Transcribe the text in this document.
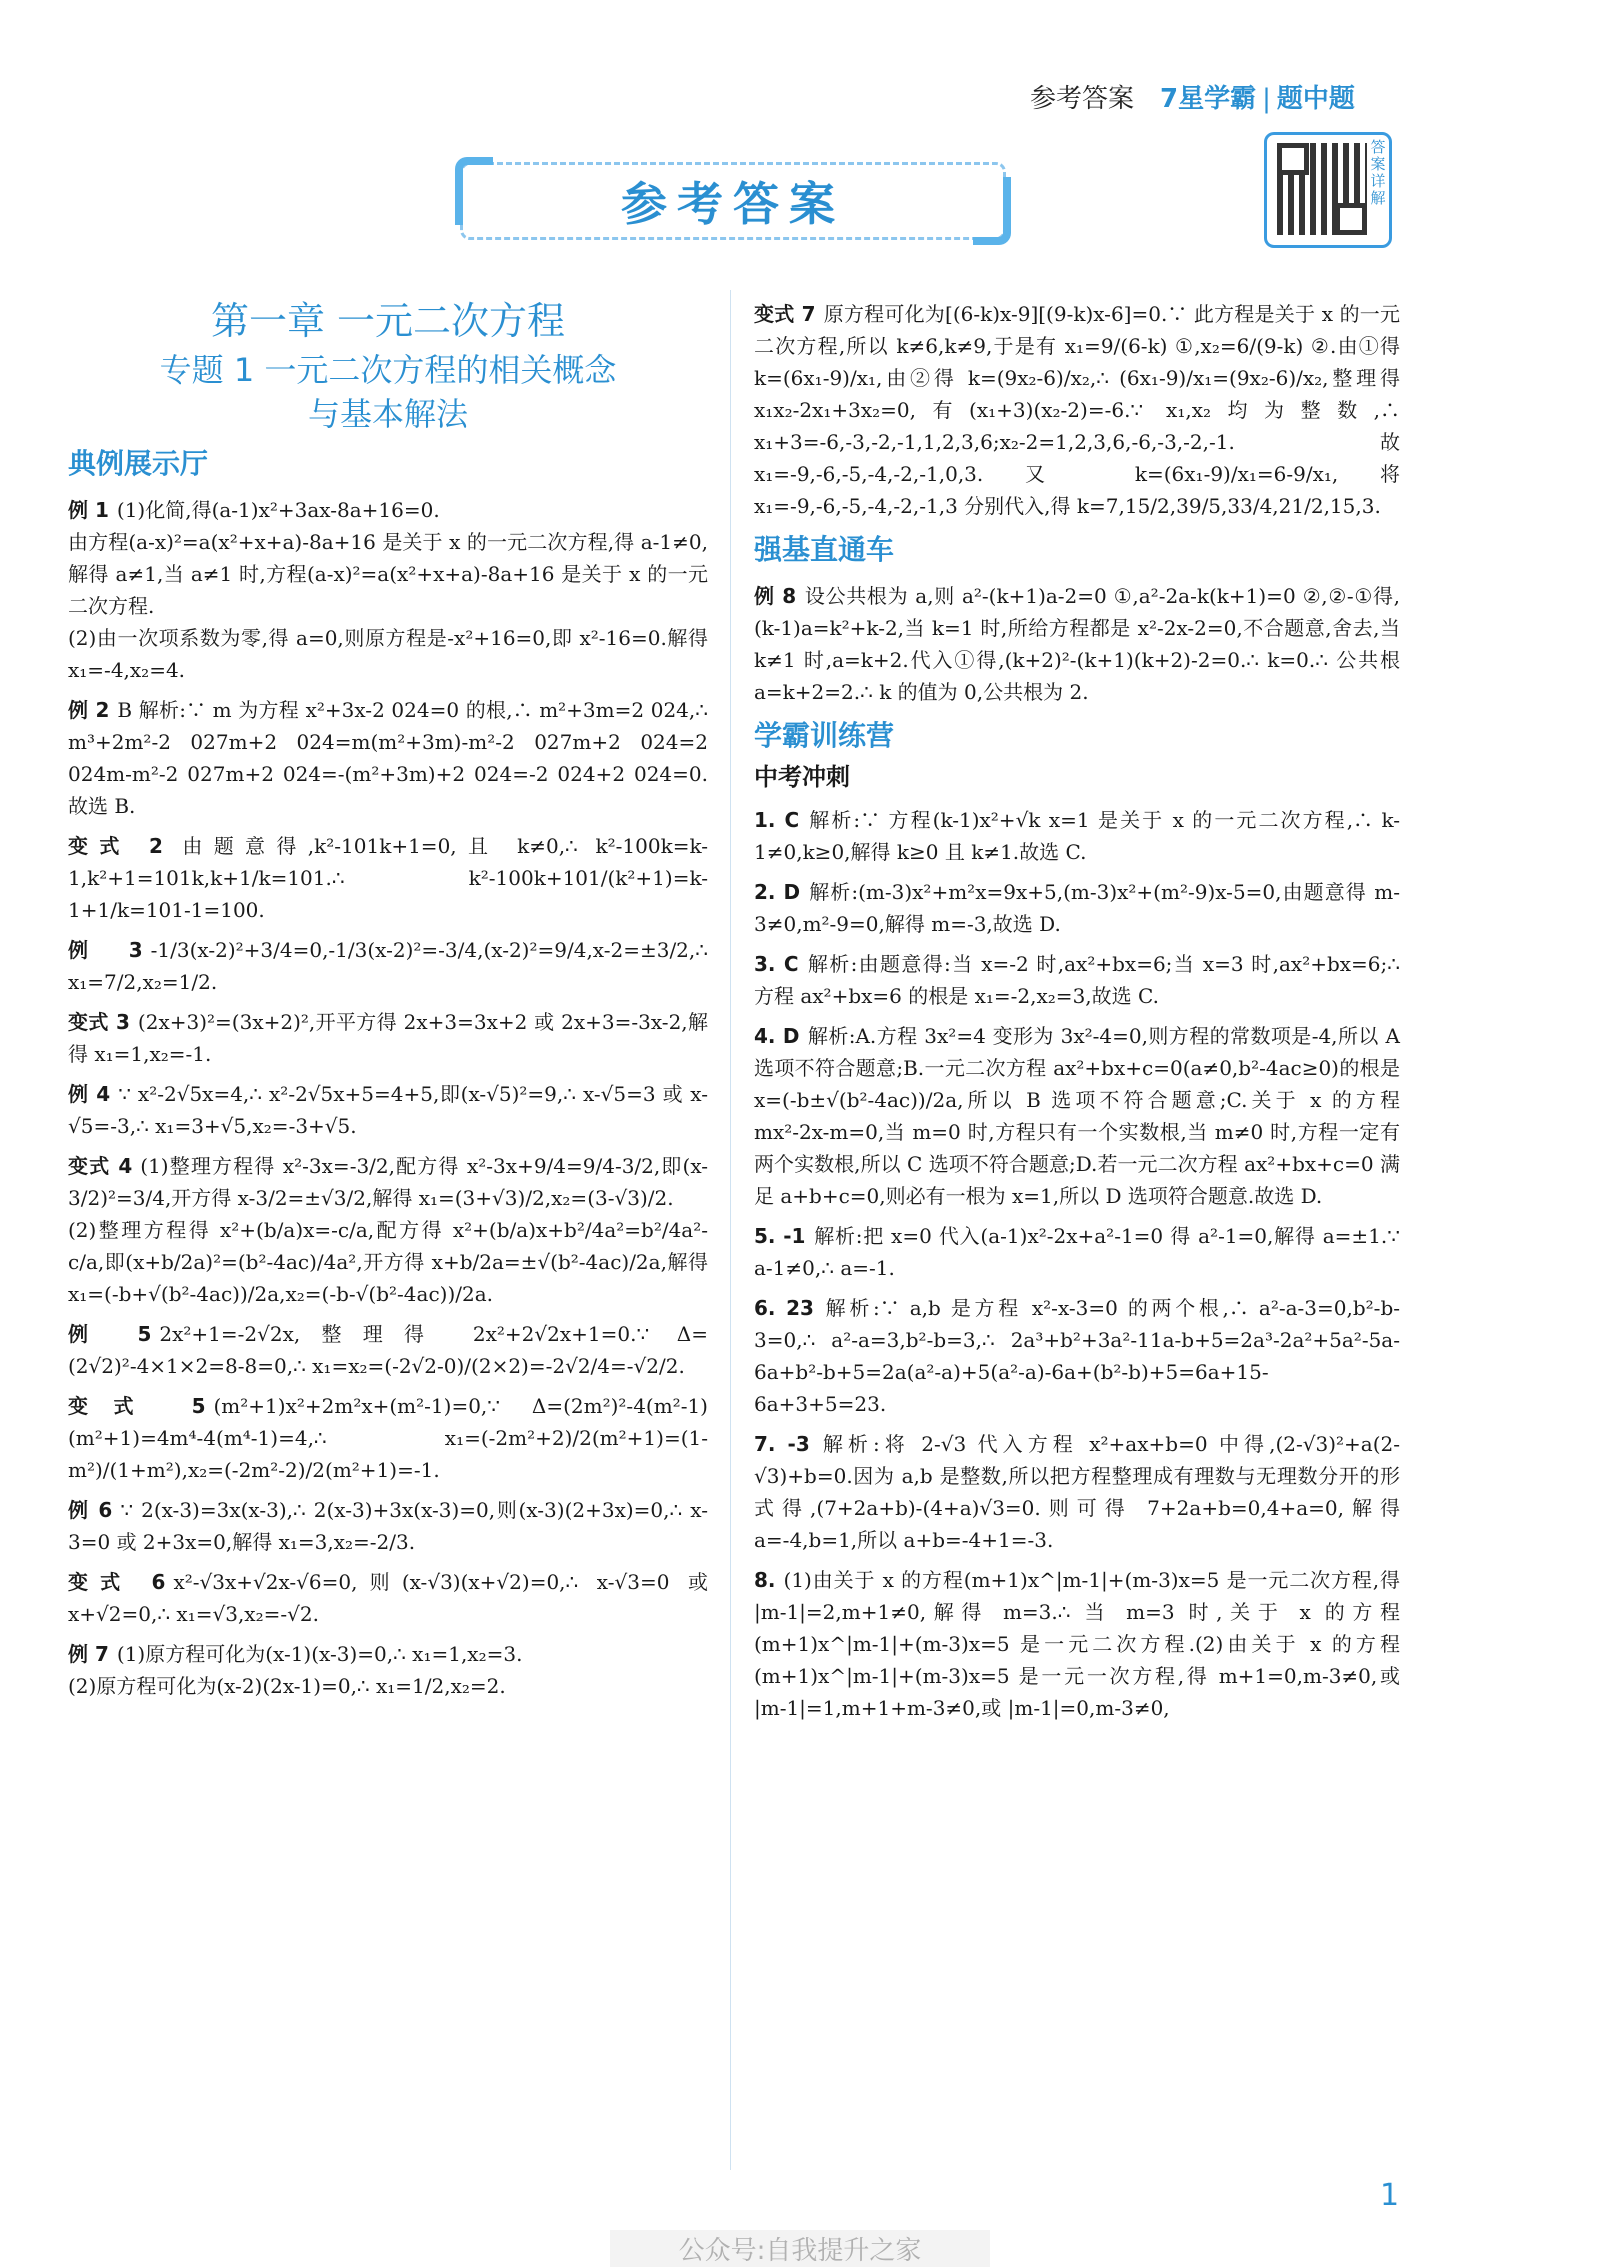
参考答案 7星学霸 | 题中题
答案详解
参考答案
第一章 一元二次方程
专题 1 一元二次方程的相关概念
与基本解法
典例展示厅

例 1 (1)化简,得(a-1)x²+3ax-8a+16=0.

由方程(a-x)²=a(x²+x+a)-8a+16 是关于 x 的一元二次方程,得 a-1≠0,解得 a≠1,当 a≠1 时,方程(a-x)²=a(x²+x+a)-8a+16 是关于 x 的一元二次方程.

(2)由一次项系数为零,得 a=0,则原方程是-x²+16=0,即 x²-16=0.解得 x₁=-4,x₂=4.

例 2 B 解析:∵ m 为方程 x²+3x-2 024=0 的根,∴ m²+3m=2 024,∴ m³+2m²-2 027m+2 024=m(m²+3m)-m²-2 027m+2 024=2 024m-m²-2 027m+2 024=-(m²+3m)+2 024=-2 024+2 024=0.故选 B.

变式 2 由题意得,k²-101k+1=0,且 k≠0,∴ k²-100k=k-1,k²+1=101k,k+1/k=101.∴ k²-100k+101/(k²+1)=k-1+1/k=101-1=100.

例 3 -1/3(x-2)²+3/4=0,-1/3(x-2)²=-3/4,(x-2)²=9/4,x-2=±3/2,∴ x₁=7/2,x₂=1/2.

变式 3 (2x+3)²=(3x+2)²,开平方得 2x+3=3x+2 或 2x+3=-3x-2,解得 x₁=1,x₂=-1.

例 4 ∵ x²-2√5x=4,∴ x²-2√5x+5=4+5,即(x-√5)²=9,∴ x-√5=3 或 x-√5=-3,∴ x₁=3+√5,x₂=-3+√5.

变式 4 (1)整理方程得 x²-3x=-3/2,配方得 x²-3x+9/4=9/4-3/2,即(x-3/2)²=3/4,开方得 x-3/2=±√3/2,解得 x₁=(3+√3)/2,x₂=(3-√3)/2.

(2)整理方程得 x²+(b/a)x=-c/a,配方得 x²+(b/a)x+b²/4a²=b²/4a²-c/a,即(x+b/2a)²=(b²-4ac)/4a²,开方得 x+b/2a=±√(b²-4ac)/2a,解得 x₁=(-b+√(b²-4ac))/2a,x₂=(-b-√(b²-4ac))/2a.

例 5 2x²+1=-2√2x,整理得 2x²+2√2x+1=0.∵ Δ=(2√2)²-4×1×2=8-8=0,∴ x₁=x₂=(-2√2-0)/(2×2)=-2√2/4=-√2/2.

变式 5 (m²+1)x²+2m²x+(m²-1)=0,∵ Δ=(2m²)²-4(m²-1)(m²+1)=4m⁴-4(m⁴-1)=4,∴ x₁=(-2m²+2)/2(m²+1)=(1-m²)/(1+m²),x₂=(-2m²-2)/2(m²+1)=-1.

例 6 ∵ 2(x-3)=3x(x-3),∴ 2(x-3)+3x(x-3)=0,则(x-3)(2+3x)=0,∴ x-3=0 或 2+3x=0,解得 x₁=3,x₂=-2/3.

变式 6 x²-√3x+√2x-√6=0,则(x-√3)(x+√2)=0,∴ x-√3=0 或 x+√2=0,∴ x₁=√3,x₂=-√2.

例 7 (1)原方程可化为(x-1)(x-3)=0,∴ x₁=1,x₂=3.

(2)原方程可化为(x-2)(2x-1)=0,∴ x₁=1/2,x₂=2.

变式 7 原方程可化为[(6-k)x-9][(9-k)x-6]=0.∵ 此方程是关于 x 的一元二次方程,所以 k≠6,k≠9,于是有 x₁=9/(6-k) ①,x₂=6/(9-k) ②.由①得 k=(6x₁-9)/x₁,由②得 k=(9x₂-6)/x₂,∴ (6x₁-9)/x₁=(9x₂-6)/x₂,整理得 x₁x₂-2x₁+3x₂=0,有(x₁+3)(x₂-2)=-6.∵ x₁,x₂均为整数,∴ x₁+3=-6,-3,-2,-1,1,2,3,6;x₂-2=1,2,3,6,-6,-3,-2,-1.故 x₁=-9,-6,-5,-4,-2,-1,0,3.又 k=(6x₁-9)/x₁=6-9/x₁,将 x₁=-9,-6,-5,-4,-2,-1,3 分别代入,得 k=7,15/2,39/5,33/4,21/2,15,3.

强基直通车

例 8 设公共根为 a,则 a²-(k+1)a-2=0 ①,a²-2a-k(k+1)=0 ②,②-①得,(k-1)a=k²+k-2,当 k=1 时,所给方程都是 x²-2x-2=0,不合题意,舍去,当 k≠1 时,a=k+2.代入①得,(k+2)²-(k+1)(k+2)-2=0.∴ k=0.∴ 公共根 a=k+2=2.∴ k 的值为 0,公共根为 2.

学霸训练营
中考冲刺

1. C 解析:∵ 方程(k-1)x²+√k x=1 是关于 x 的一元二次方程,∴ k-1≠0,k≥0,解得 k≥0 且 k≠1.故选 C.

2. D 解析:(m-3)x²+m²x=9x+5,(m-3)x²+(m²-9)x-5=0,由题意得 m-3≠0,m²-9=0,解得 m=-3,故选 D.

3. C 解析:由题意得:当 x=-2 时,ax²+bx=6;当 x=3 时,ax²+bx=6;∴ 方程 ax²+bx=6 的根是 x₁=-2,x₂=3,故选 C.

4. D 解析:A.方程 3x²=4 变形为 3x²-4=0,则方程的常数项是-4,所以 A 选项不符合题意;B.一元二次方程 ax²+bx+c=0(a≠0,b²-4ac≥0)的根是 x=(-b±√(b²-4ac))/2a,所以 B 选项不符合题意;C.关于 x 的方程 mx²-2x-m=0,当 m=0 时,方程只有一个实数根,当 m≠0 时,方程一定有两个实数根,所以 C 选项不符合题意;D.若一元二次方程 ax²+bx+c=0 满足 a+b+c=0,则必有一根为 x=1,所以 D 选项符合题意.故选 D.

5. -1 解析:把 x=0 代入(a-1)x²-2x+a²-1=0 得 a²-1=0,解得 a=±1.∵ a-1≠0,∴ a=-1.

6. 23 解析:∵ a,b 是方程 x²-x-3=0 的两个根,∴ a²-a-3=0,b²-b-3=0,∴ a²-a=3,b²-b=3,∴ 2a³+b²+3a²-11a-b+5=2a³-2a²+5a²-5a-6a+b²-b+5=2a(a²-a)+5(a²-a)-6a+(b²-b)+5=6a+15-6a+3+5=23.

7. -3 解析:将 2-√3 代入方程 x²+ax+b=0 中得,(2-√3)²+a(2-√3)+b=0.因为 a,b 是整数,所以把方程整理成有理数与无理数分开的形式得,(7+2a+b)-(4+a)√3=0.则可得 7+2a+b=0,4+a=0,解得 a=-4,b=1,所以 a+b=-4+1=-3.

8. (1)由关于 x 的方程(m+1)x^|m-1|+(m-3)x=5 是一元二次方程,得 |m-1|=2,m+1≠0,解得 m=3.∴ 当 m=3 时,关于 x 的方程(m+1)x^|m-1|+(m-3)x=5 是一元二次方程.(2)由关于 x 的方程(m+1)x^|m-1|+(m-3)x=5 是一元一次方程,得 m+1=0,m-3≠0,或 |m-1|=1,m+1+m-3≠0,或 |m-1|=0,m-3≠0,

1
公众号:自我提升之家
